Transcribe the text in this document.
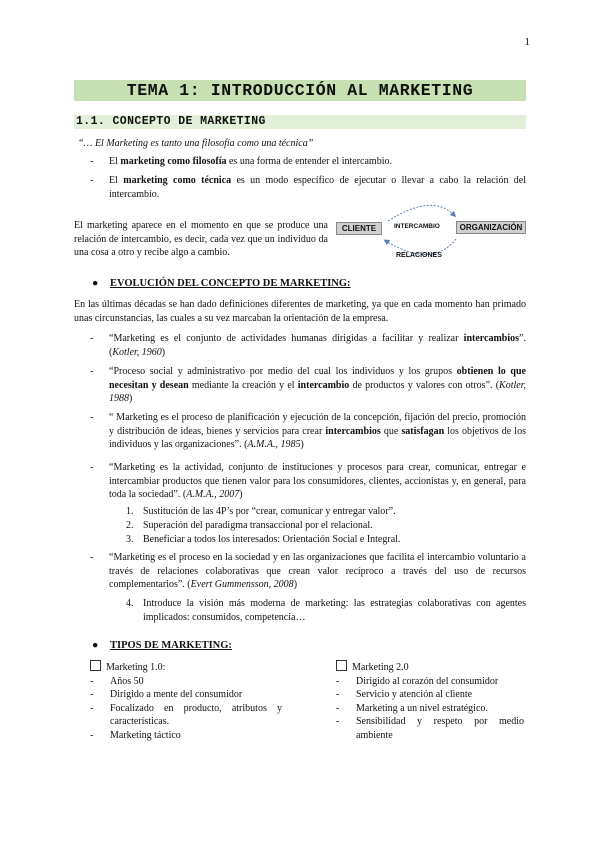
1
TEMA 1: INTRODUCCIÓN AL MARKETING
1.1. CONCEPTO DE MARKETING
“… El Marketing es tanto una filosofía como una técnica”
- El marketing como filosofía es una forma de entender el intercambio.
- El marketing como técnica es un modo específico de ejecutar o llevar a cabo la relación del intercambio.
El marketing aparece en el momento en que se produce una relación de intercambio, es decir, cada vez que un individuo da una cosa a otro y recibe algo a cambio.
CLIENTE	ORGANIZACIÓN
INTERCAMBIO
RELACIONES
● EVOLUCIÓN DEL CONCEPTO DE MARKETING:
En las últimas décadas se han dado definiciones diferentes de marketing, ya que en cada momento han primado unas circunstancias, las cuales a su vez marcaban la orientación de la empresa.
- “Marketing es el conjunto de actividades humanas dirigidas a facilitar y realizar intercambios”. (Kotler, 1960)
- “Proceso social y administrativo por medio del cual los individuos y los grupos obtienen lo que necesitan y desean mediante la creación y el intercambio de productos y valores con otros”. (Kotler, 1988)
- “ Marketing es el proceso de planificación y ejecución de la concepción, fijación del precio, promoción y distribución de ideas, bienes y servicios para crear intercambios que satisfagan los objetivos de los individuos y las organizaciones”. (A.M.A., 1985)
- “Marketing es la actividad, conjunto de instituciones y procesos para crear, comunicar, entregar e intercambiar productos que tienen valor para los consumidores, clientes, accionistas y, en general, para toda la sociedad”. (A.M.A., 2007)
1. Sustitución de las 4P’s por “crear, comunicar y entregar valor”.
2. Superación del paradigma transaccional por el relacional.
3. Beneficiar a todos los interesados: Orientación Social e Integral.
- “Marketing es el proceso en la sociedad y en las organizaciones que facilita el intercambio voluntario a través de relaciones colaborativas que crean valor recíproco a través del uso de recursos complementarios”. (Evert Gummensson, 2008)
4. Introduce la visión más moderna de marketing: las estrategias colaborativas con agentes implicados: consumidos, competencia…
● TIPOS DE MARKETING:
Marketing 1.0:
- Años 50
- Dirigido a mente del consumidor
- Focalizado en producto, atributos y características.
- Marketing táctico
Marketing 2.0
- Dirigido al corazón del consumidor
- Servicio y atención al cliente
- Marketing a un nivel estratégico.
- Sensibilidad y respeto por medio ambiente
